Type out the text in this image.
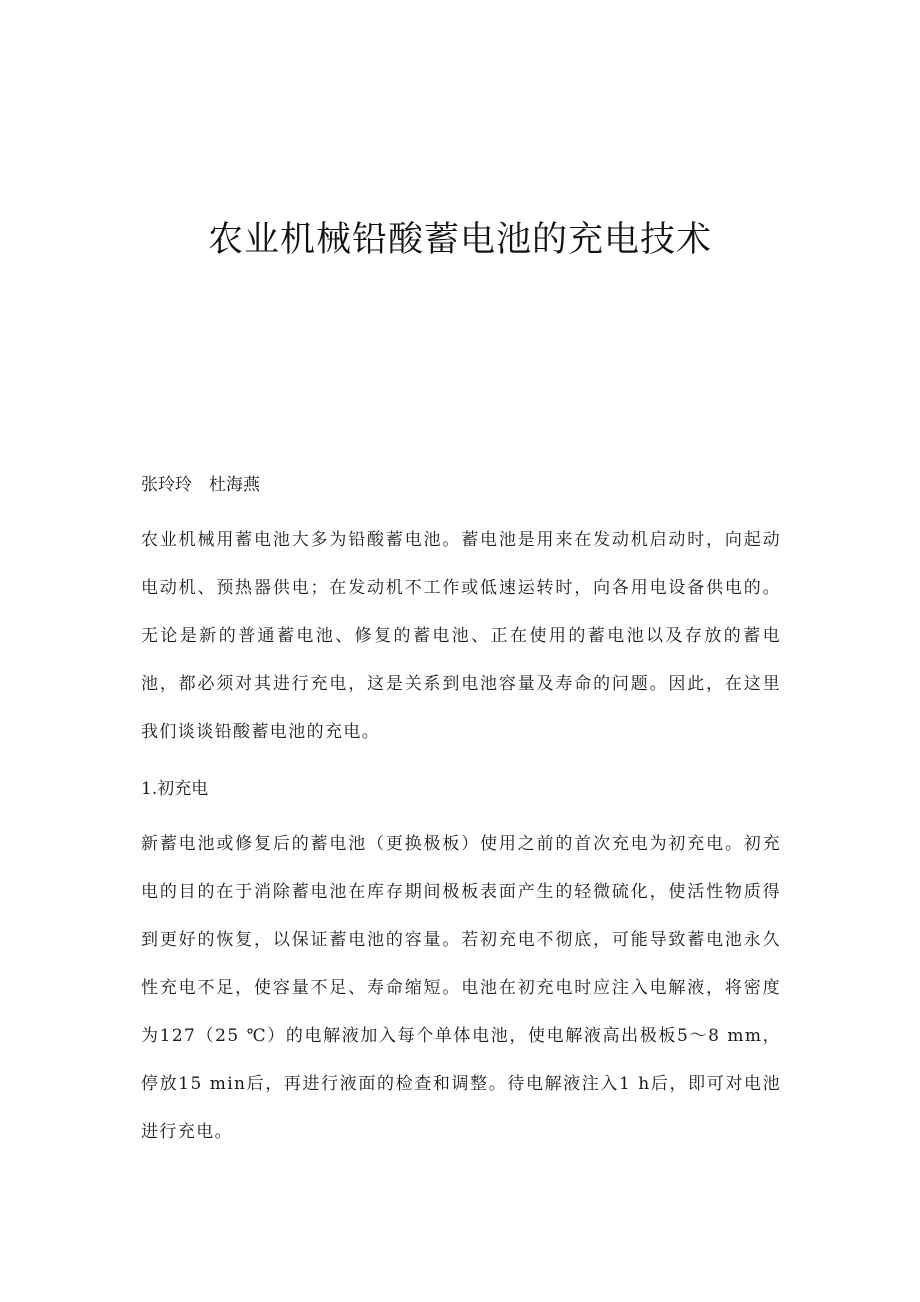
农业机械铅酸蓄电池的充电技术
张玲玲　杜海燕

农业机械用蓄电池大多为铅酸蓄电池。蓄电池是用来在发动机启动时，向起动电动机、预热器供电；在发动机不工作或低速运转时，向各用电设备供电的。无论是新的普通蓄电池、修复的蓄电池、正在使用的蓄电池以及存放的蓄电池，都必须对其进行充电，这是关系到电池容量及寿命的问题。因此，在这里我们谈谈铅酸蓄电池的充电。

1.初充电

新蓄电池或修复后的蓄电池（更换极板）使用之前的首次充电为初充电。初充电的目的在于消除蓄电池在库存期间极板表面产生的轻微硫化，使活性物质得到更好的恢复，以保证蓄电池的容量。若初充电不彻底，可能导致蓄电池永久性充电不足，使容量不足、寿命缩短。电池在初充电时应注入电解液，将密度为127（25 ℃）的电解液加入每个单体电池，使电解液高出极板5～8 mm，停放15 min后，再进行液面的检查和调整。待电解液注入1 h后，即可对电池进行充电。
